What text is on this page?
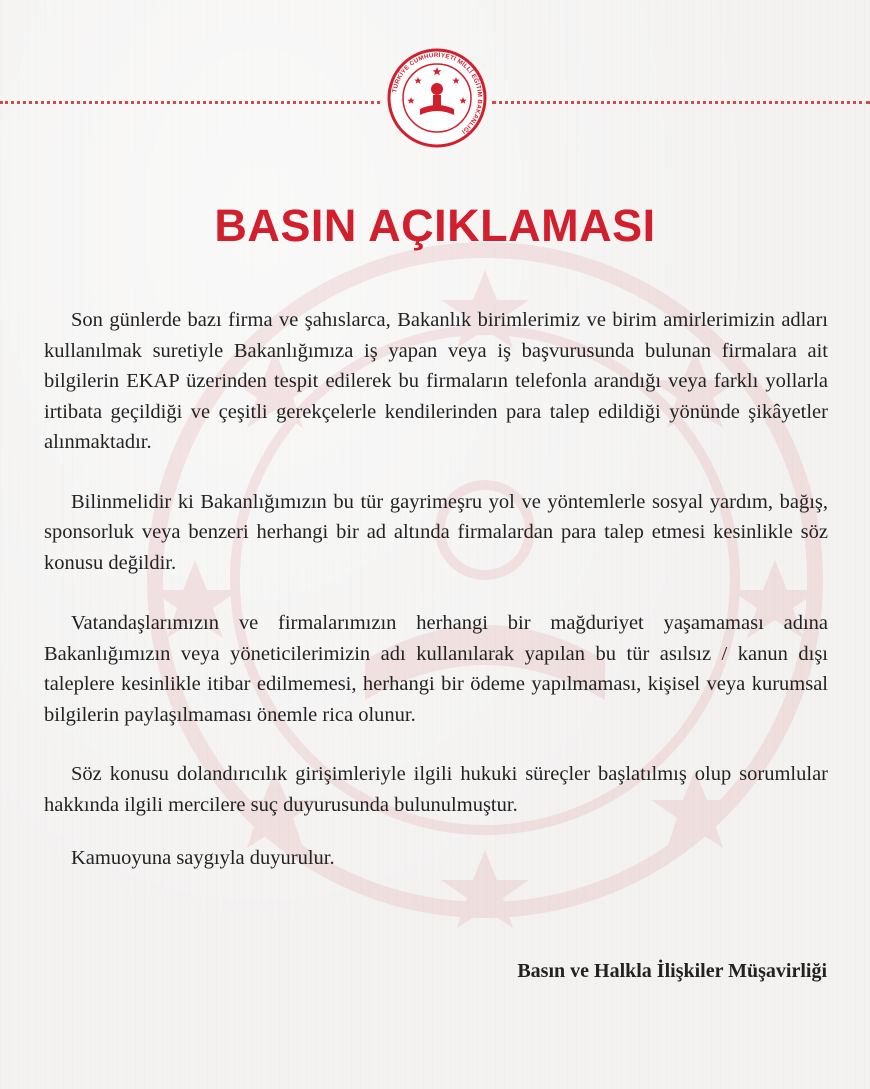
TÜRKİYE CUMHURİYETİ MİLLÎ EĞİTİM BAKANLIĞI
BASIN AÇIKLAMASI

Son günlerde bazı firma ve şahıslarca, Bakanlık birimlerimiz ve birim amirlerimizin adları kullanılmak suretiyle Bakanlığımıza iş yapan veya iş başvurusunda bulunan firmalara ait bilgilerin EKAP üzerinden tespit edilerek bu firmaların telefonla arandığı veya farklı yollarla irtibata geçildiği ve çeşitli gerekçelerle kendilerinden para talep edildiği yönünde şikâyetler alınmaktadır.

Bilinmelidir ki Bakanlığımızın bu tür gayrimeşru yol ve yöntemlerle sosyal yardım, bağış, sponsorluk veya benzeri herhangi bir ad altında firmalardan para talep etmesi kesinlikle söz konusu değildir.

Vatandaşlarımızın ve firmalarımızın herhangi bir mağduriyet yaşamaması adına Bakanlığımızın veya yöneticilerimizin adı kullanılarak yapılan bu tür asılsız / kanun dışı taleplere kesinlikle itibar edilmemesi, herhangi bir ödeme yapılmaması, kişisel veya kurumsal bilgilerin paylaşılmaması önemle rica olunur.

Söz konusu dolandırıcılık girişimleriyle ilgili hukuki süreçler başlatılmış olup sorumlular hakkında ilgili mercilere suç duyurusunda bulunulmuştur.

Kamuoyuna saygıyla duyurulur.
Basın ve Halkla İlişkiler Müşavirliği
